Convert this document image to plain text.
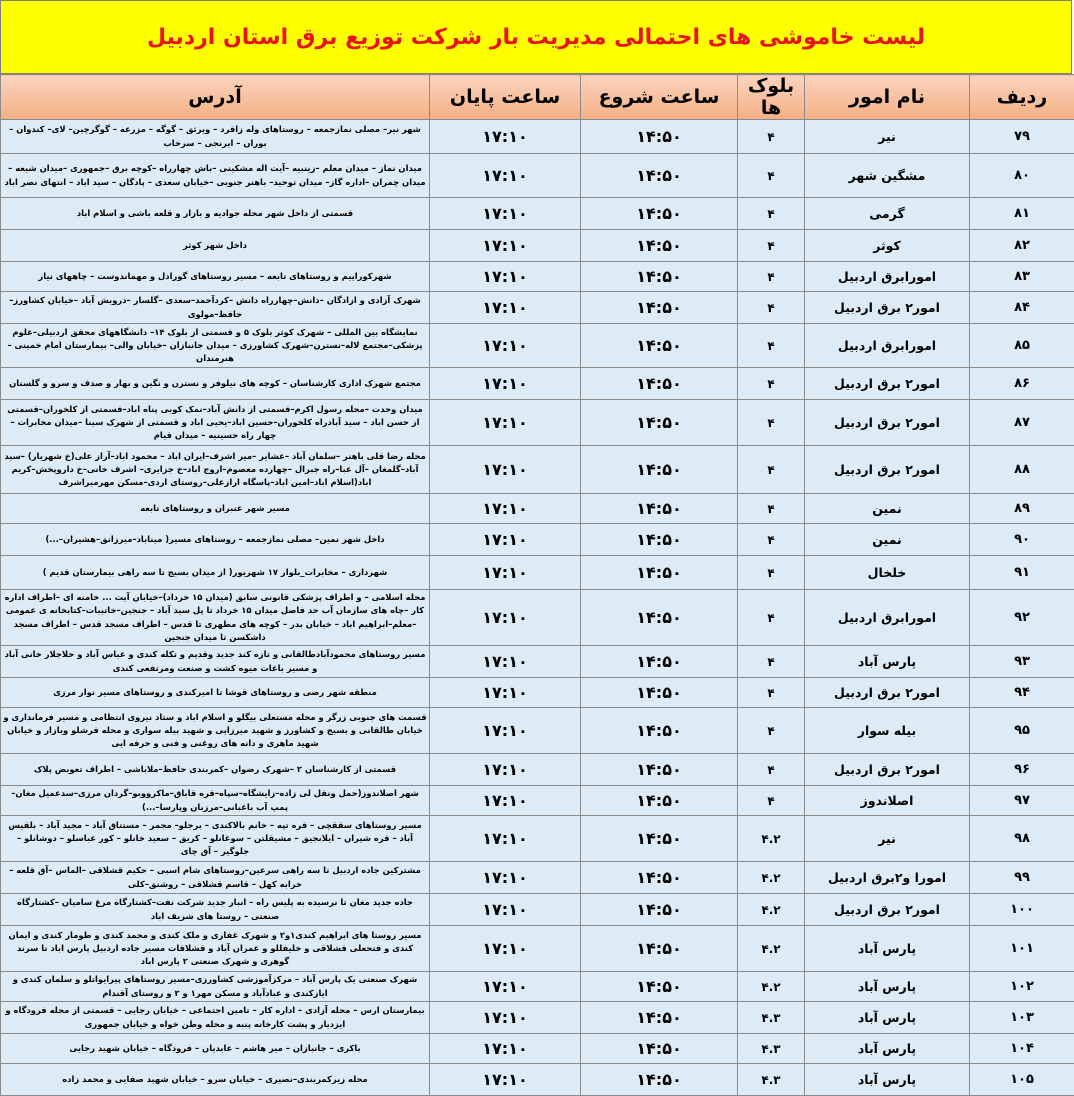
لیست خاموشی های احتمالی مدیریت بار شرکت توزیع برق استان اردبیل
ردیف	نام امور	بلوک ها	ساعت شروع	ساعت پایان	آدرس
۷۹	نیر	۴	۱۴:۵۰	۱۷:۱۰	شهر نیر– مصلی نمازجمعه – روستاهای وله زاقرد – ویرثق – گوگه – مزرعه – گوگرچین– لای– کندوان – بوران – ایرنجی – سرخاب
۸۰	مشگین شهر	۴	۱۴:۵۰	۱۷:۱۰	میدان نماز – میدان معلم –زینبیه –آیت اله مشکینی –باش چهارراه –کوچه برق –جمهوری –میدان شیعه –میدان چمران –اداره گاز– میدان توحید– باهنر جنوبی –خیابان سعدی – پادگان – سید اباد – انتهای نصر اباد
۸۱	گرمی	۴	۱۴:۵۰	۱۷:۱۰	قسمتی از داخل شهر محله جوادیه و بازار و قلعه باشی و اسلام اباد
۸۲	کوثر	۴	۱۴:۵۰	۱۷:۱۰	داخل شهر کوثر
۸۳	امورابرق اردبیل	۴	۱۴:۵۰	۱۷:۱۰	شهرکوراییم و روستاهای تابعه – مسیر روستاهای گورادل و مهماندوست – چاههای نیار
۸۴	امور۲ برق اردبیل	۴	۱۴:۵۰	۱۷:۱۰	شهرک آزادی و ازادگان –دانش–چهارراه دانش –کردآحمد–سعدی –گلسار –درویش آباد –خیابان کشاورز–حافظ–مولوی
۸۵	امورابرق اردبیل	۴	۱۴:۵۰	۱۷:۱۰	نمایشگاه بین المللی – شهرک کوثر بلوک ۵ و قسمتی از بلوک ۱۴– دانشگاههای محقق اردبیلی–علوم پزشکی–مجتمع لاله–نسترن–شهرک کشاورزی – میدان جانبازان –خیابان والی– بیمارستان امام خمینی – هنرمندان
۸۶	امور۲ برق اردبیل	۴	۱۴:۵۰	۱۷:۱۰	مجتمع شهرک اداری کارشناسان – کوچه های نیلوفر و نسترن و نگین و بهار و صدف و سرو و گلستان
۸۷	امور۲ برق اردبیل	۴	۱۴:۵۰	۱۷:۱۰	میدان وحدت –محله رسول اکرم–قسمتی از دانش آباد–نمک کوبی پناه اباد–قسمتی از کلخوران–قسمتی از حسن اباد – سید آبادراه کلخوران–حسین اباد–یحیی اباد و قسمتی از شهرک سینا –میدان مخابرات – چهار راه حسینیه – میدان قیام
۸۸	امور۲ برق اردبیل	۴	۱۴:۵۰	۱۷:۱۰	محله رضا قلی باهنر –سلمان آباد –عشایر –میر اشرف–ایران اباد – محمود اباد–آراز علی(خ شهریار) –سید آباد–گلمغان –آل عبا–راه جبرال –چهارده معصوم–اروج اباد–خ جزایری– اشرف خانی–خ داروپخش–کریم اباد(اسلام اباد–امین اباد–پاسگاه ارازعلی–روستای اردی–مسکن مهرمیراشرف
۸۹	نمین	۴	۱۴:۵۰	۱۷:۱۰	مسیر شهر عنبران و روستاهای تابعه
۹۰	نمین	۴	۱۴:۵۰	۱۷:۱۰	داخل شهر نمین– مصلی نمازجمعه – روستاهای مسیر( میناباد–میرزانق–هشیران–...)
۹۱	خلخال	۴	۱۴:۵۰	۱۷:۱۰	شهرداری – مخابرات_بلوار ۱۷ شهریور( از میدان بسیج تا سه راهی بیمارستان قدیم )
۹۲	امورابرق اردبیل	۴	۱۴:۵۰	۱۷:۱۰	محله اسلامی – و اطراف پزشکی قانونی سابق (میدان ۱۵ خرداد)–خیابان آیت ... خامنه ای –اطراف اداره کار –چاه های سازمان آب حد فاصل میدان ۱۵ خرداد تا پل سید آباد – جنجین–خاتیبات–کتابخانه ی عمومی –معلم–ابراهیم اباد – خیابان بدر – کوچه های مطهری تا قدس – اطراف مسجد قدس – اطراف مسجد داشکسن تا میدان جنجین
۹۳	پارس آباد	۴	۱۴:۵۰	۱۷:۱۰	مسیر روستاهای محمودآبادطالقانی و تازه کند جدید وقدیم و تکله کندی و عباس آباد و حلاجلار خانی آباد و مسیر باغات میوه کشت و صنعت ومرتفعی کندی
۹۴	امور۲ برق اردبیل	۴	۱۴:۵۰	۱۷:۱۰	منطقه شهر رضی و روستاهای قوشا تا امیرکندی و روستاهای مسیر نوار مرزی
۹۵	بیله سوار	۴	۱۴:۵۰	۱۷:۱۰	قسمت های جنوبی زرگر و محله مستعلی بیگلو و اسلام اباد و ستاد نیروی انتظامی و مسیر فرمانداری و خیابان طالقانی و بسیج و کشاورز و شهید میرزایی و شهید بیله سواری و محله فرشلو وبازار و خیابان شهید ماهری و دانه های روغنی و فنی و حرفه ایی
۹۶	امور۲ برق اردبیل	۴	۱۴:۵۰	۱۷:۱۰	قسمتی از کارشناسان ۲ –شهرک رضوان –کمربندی حافظ–ملاباشی – اطراف تعویض پلاک
۹۷	اصلاندوز	۴	۱۴:۵۰	۱۷:۱۰	شهر اصلاندوز(حمل ونقل لی زاده–زایشگاه–سپاه–قره قاباق–ماکرووبو–گردان مرزی–سدعمیل مغان–پمپ آب باغبانی–مرزبان وپارسا–...)
۹۸	نیر	۴.۲	۱۴:۵۰	۱۷:۱۰	مسیر روستاهای سققچی – قره تپه – خانم بالاکندی – برجلو– مجمر – مستتاق آباد – مجید آباد – بلقیس آباد – قره شیران – ایلانجیق – مشیقلتن – سوغانلو – کریق – سعید خانلو – کور عباسلو – دوشانلو – جلوگیر – آق چای
۹۹	امورا و۲برق اردبیل	۴.۲	۱۴:۵۰	۱۷:۱۰	مشترکین جاده اردبیل تا سه راهی سرعین–روستاهای شام اسبی – حکیم قشلاقی –الماس –آق قلعه – خرابه کهل – قاسم قشلاقی – روشنق–کلی
۱۰۰	امور۲ برق اردبیل	۴.۲	۱۴:۵۰	۱۷:۱۰	جاده جدید مغان تا نرسیده به پلیس راه – انبار جدید شرکت نفت–کشتارگاه مرغ سامیان –کشتارگاه صنعتی – روستا های شریف اباد
۱۰۱	پارس آباد	۴.۲	۱۴:۵۰	۱۷:۱۰	مسیر روستا های ابراهیم کندی۱و۲ و شهرک غفاری و ملک کندی و محمد کندی و طومار کندی و ایمان کندی و فتحعلی قشلاقی و خلیفللو و عمران آباد و قشلاقات مسیر جاده اردبیل پارس اباد تا سرند گوهری و شهرک صنعتی ۲ پارس اباد
۱۰۲	پارس آباد	۴.۲	۱۴:۵۰	۱۷:۱۰	شهرک صنعتی یک پارس آباد – مرکزآموزشی کشاورزی–مسیر روستاهای پیرایواتلو و سلمان کندی و ایازکندی و عبادآباد و مسکن مهر۱ و ۲ و روستای آقندام
۱۰۳	پارس آباد	۴.۳	۱۴:۵۰	۱۷:۱۰	بیمارستان ارس – محله آزادی – اداره کار – تامین اجتماعی – خیابان رجایی – قسمتی از محله فرودگاه و ایزدیار و پشت کارخانه پنبه و محله وطن خواه و خیابان جمهوری
۱۰۴	پارس آباد	۴.۳	۱۴:۵۰	۱۷:۱۰	باکری – جانبازان – میر هاشم – عابدیان – فرودگاه – خیابان شهید رجایی
۱۰۵	پارس آباد	۴.۳	۱۴:۵۰	۱۷:۱۰	محله زیرکمربندی–نصیری – خیابان سرو – خیابان شهید صفایی و محمد زاده
